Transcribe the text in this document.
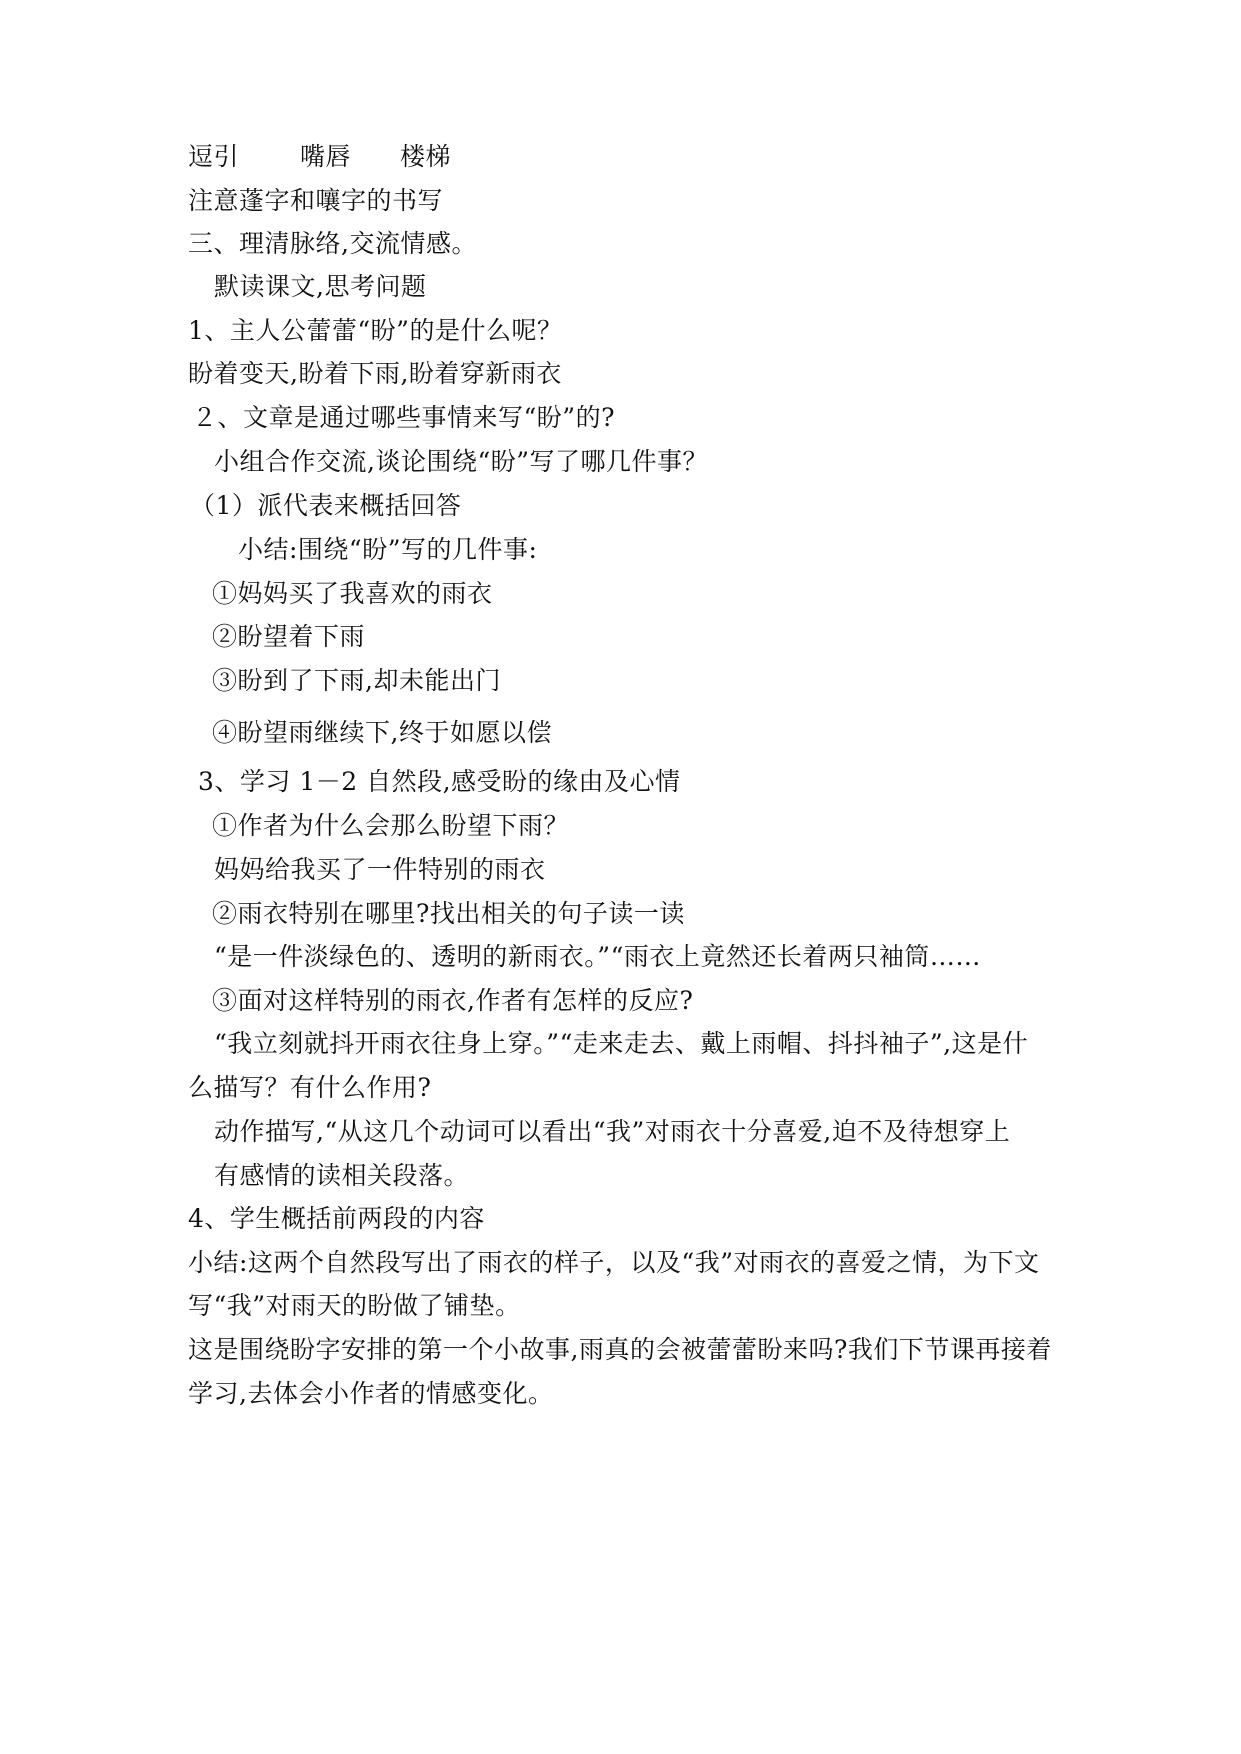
逗引 嘴唇 楼梯
注意蓬字和嚷字的书写
三、理清脉络,交流情感。
默读课文,思考问题
1、主人公蕾蕾“盼”的是什么呢？
盼着变天,盼着下雨,盼着穿新雨衣
２、文章是通过哪些事情来写“盼”的?
小组合作交流,谈论围绕“盼”写了哪几件事？
（1）派代表来概括回答
小结:围绕“盼”写的几件事:
①妈妈买了我喜欢的雨衣
②盼望着下雨
③盼到了下雨,却未能出门
④盼望雨继续下,终于如愿以偿
3、学习 1－2 自然段,感受盼的缘由及心情
①作者为什么会那么盼望下雨？
妈妈给我买了一件特别的雨衣
②雨衣特别在哪里?找出相关的句子读一读
“是一件淡绿色的、透明的新雨衣。”“雨衣上竟然还长着两只袖筒……
③面对这样特别的雨衣,作者有怎样的反应?
“我立刻就抖开雨衣往身上穿。”“走来走去、戴上雨帽、抖抖袖子”,这是什
么描写？有什么作用?
动作描写,“从这几个动词可以看出“我”对雨衣十分喜爱,迫不及待想穿上
有感情的读相关段落。
4、学生概括前两段的内容
小结:这两个自然段写出了雨衣的样子，以及“我”对雨衣的喜爱之情，为下文
写“我”对雨天的盼做了铺垫。
这是围绕盼字安排的第一个小故事,雨真的会被蕾蕾盼来吗?我们下节课再接着
学习,去体会小作者的情感变化。
